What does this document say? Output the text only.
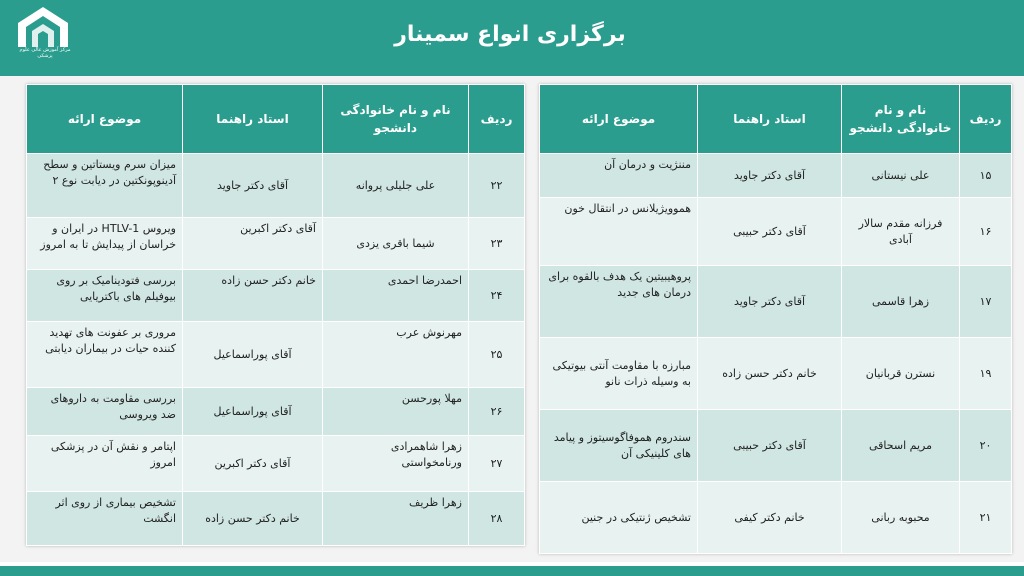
مرکز آموزش عالی علوم پزشکی
برگزاری انواع سمینار
ردیف	نام و نام خانوادگی دانشجو	استاد راهنما	موضوع ارائه
۱۵	علی نیستانی	آقای دکتر جاوید	مننژیت و درمان آن
۱۶	فرزانه مقدم سالار آبادی	آقای دکتر حبیبی	هموویژیلانس در انتقال خون
۱۷	زهرا قاسمی	آقای دکتر جاوید	پروهیبیتین یک هدف بالقوه برای درمان های جدید
۱۹	نسترن قربانیان	خانم دکتر حسن زاده	مبارزه با مقاومت آنتی بیوتیکی به وسیله ذرات نانو
۲۰	مریم اسحاقی	آقای دکتر حبیبی	سندروم هموفاگوسیتوز و پیامد های کلینیکی آن
۲۱	محبوبه ربانی	خانم دکتر کیفی	تشخیص ژنتیکی در جنین
ردیف	نام و نام خانوادگی دانشجو	استاد راهنما	موضوع ارائه
۲۲	علی جلیلی پروانه	آقای دکتر جاوید	میزان سرم ویستاتین و سطح آدینوپونکتین در دیابت نوع ۲
۲۳	شیما باقری یزدی	آقای دکتر اکبرین	ویروس HTLV-1 در ایران و خراسان از پیدایش تا به امروز
۲۴	احمدرضا احمدی	خانم دکتر حسن زاده	بررسی فتودینامیک بر روی بیوفیلم های باکتریایی
۲۵	مهرنوش عرب	آقای پوراسماعیل	مروری بر عفونت های تهدید کننده حیات در بیماران دیابتی
۲۶	مهلا پورحسن	آقای پوراسماعیل	بررسی مقاومت به داروهای ضد ویروسی
۲۷	زهرا شاهمرادی ورنامخواستی	آقای دکتر اکبرین	اپتامر و نقش آن در پزشکی امروز
۲۸	زهرا ظریف	خانم دکتر حسن زاده	تشخیص بیماری از روی اثر انگشت
